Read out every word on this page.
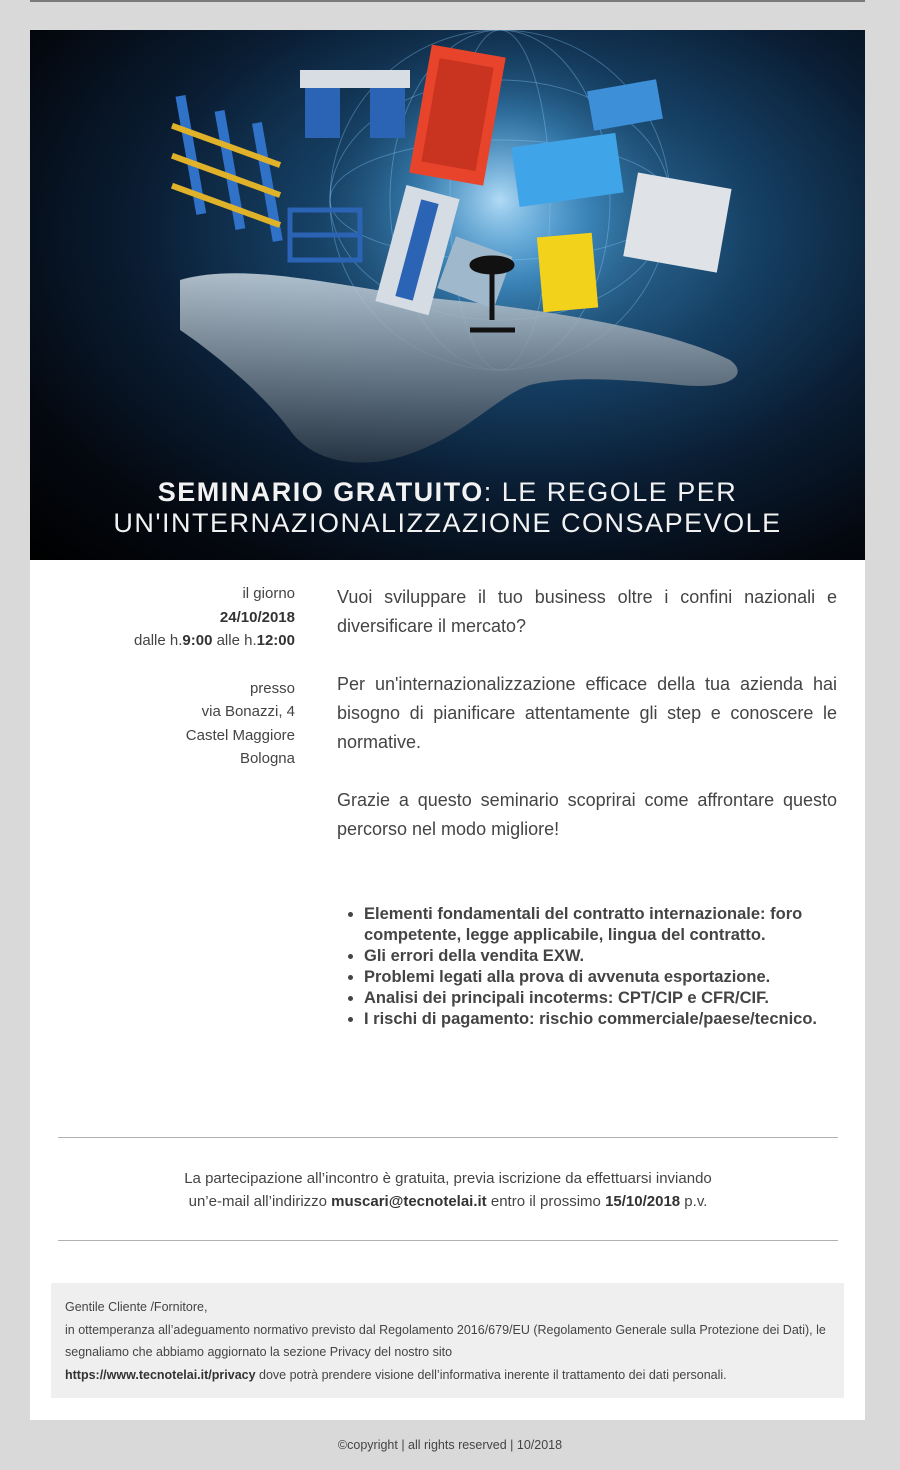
SEMINARIO GRATUITO: LE REGOLE PER
UN'INTERNAZIONALIZZAZIONE CONSAPEVOLE
il giorno
24/10/2018
dalle h.9:00 alle h.12:00
presso
via Bonazzi, 4
Castel Maggiore
Bologna

Vuoi sviluppare il tuo business oltre i confini nazionali e diversificare il mercato?

Per un'internazionalizzazione efficace della tua azienda hai bisogno di pianificare attentamente gli step e conoscere le normative.

Grazie a questo seminario scoprirai come affrontare questo percorso nel modo migliore!

• Elementi fondamentali del contratto internazionale: foro competente, legge applicabile, lingua del contratto.
• Gli errori della vendita EXW.
• Problemi legati alla prova di avvenuta esportazione.
• Analisi dei principali incoterms: CPT/CIP e CFR/CIF.
• I rischi di pagamento: rischio commerciale/paese/tecnico.
La partecipazione all’incontro è gratuita, previa iscrizione da effettuarsi inviando
un’e-mail all’indirizzo muscari@tecnotelai.it entro il prossimo 15/10/2018 p.v.
Gentile Cliente /Fornitore,
in ottemperanza all’adeguamento normativo previsto dal Regolamento 2016/679/EU (Regolamento Generale sulla Protezione dei Dati), le segnaliamo che abbiamo aggiornato la sezione Privacy del nostro sito
https://www.tecnotelai.it/privacy dove potrà prendere visione dell’informativa inerente il trattamento dei dati personali.
©copyright | all rights reserved | 10/2018
